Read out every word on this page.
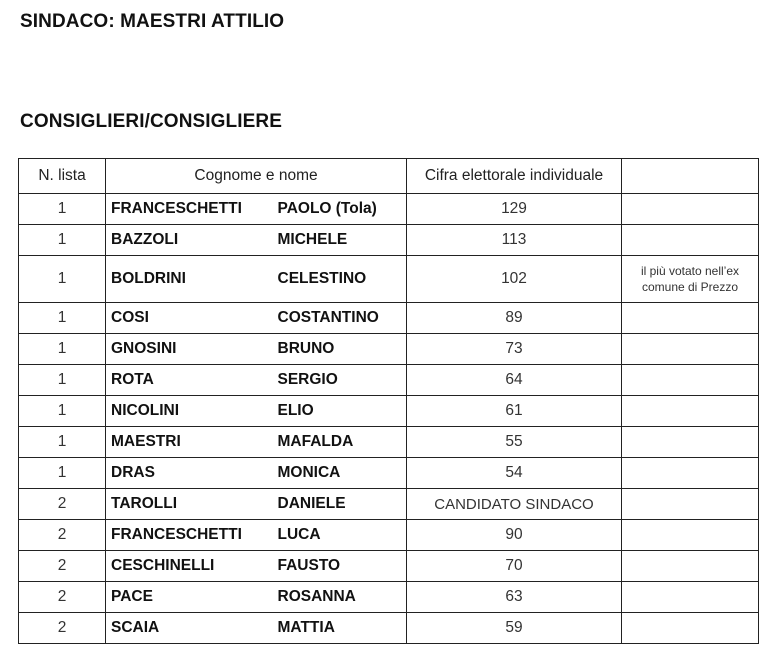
SINDACO: MAESTRI ATTILIO
CONSIGLIERI/CONSIGLIERE
N. lista	Cognome e nome		Cifra elettorale individuale	
1	FRANCESCHETTI	PAOLO (Tola)	129	
1	BAZZOLI	MICHELE	113	
1	BOLDRINI	CELESTINO	102	il più votato nell’ex comune di Prezzo
1	COSI	COSTANTINO	89	
1	GNOSINI	BRUNO	73	
1	ROTA	SERGIO	64	
1	NICOLINI	ELIO	61	
1	MAESTRI	MAFALDA	55	
1	DRAS	MONICA	54	
2	TAROLLI	DANIELE	CANDIDATO SINDACO	
2	FRANCESCHETTI	LUCA	90	
2	CESCHINELLI	FAUSTO	70	
2	PACE	ROSANNA	63	
2	SCAIA	MATTIA	59	
